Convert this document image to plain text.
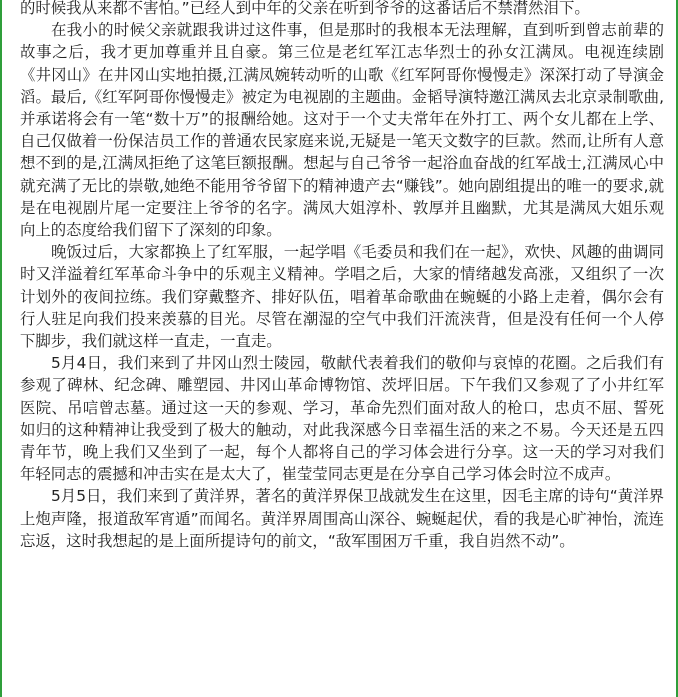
的时候我从来都不害怕。”已经人到中年的父亲在听到爷爷的这番话后不禁潸然泪下。

在我小的时候父亲就跟我讲过这件事，但是那时的我根本无法理解，直到听到曾志前辈的故事之后，我才更加尊重并且自豪。第三位是老红军江志华烈士的孙女江满凤。电视连续剧《井冈山》在井冈山实地拍摄,江满凤婉转动听的山歌《红军阿哥你慢慢走》深深打动了导演金滔。最后,《红军阿哥你慢慢走》被定为电视剧的主题曲。金韬导演特邀江满凤去北京录制歌曲,并承诺将会有一笔“数十万”的报酬给她。这对于一个丈夫常年在外打工、两个女儿都在上学、自己仅做着一份保洁员工作的普通农民家庭来说,无疑是一笔天文数字的巨款。然而,让所有人意想不到的是,江满凤拒绝了这笔巨额报酬。想起与自己爷爷一起浴血奋战的红军战士,江满凤心中就充满了无比的崇敬,她绝不能用爷爷留下的精神遗产去“赚钱”。她向剧组提出的唯一的要求,就是在电视剧片尾一定要注上爷爷的名字。满凤大姐淳朴、敦厚并且幽默，尤其是满凤大姐乐观向上的态度给我们留下了深刻的印象。

晚饭过后，大家都换上了红军服，一起学唱《毛委员和我们在一起》，欢快、风趣的曲调同时又洋溢着红军革命斗争中的乐观主义精神。学唱之后，大家的情绪越发高涨，又组织了一次计划外的夜间拉练。我们穿戴整齐、排好队伍，唱着革命歌曲在蜿蜒的小路上走着，偶尔会有行人驻足向我们投来羡慕的目光。尽管在潮湿的空气中我们汗流浃背，但是没有任何一个人停下脚步，我们就这样一直走，一直走。

5月4日，我们来到了井冈山烈士陵园，敬献代表着我们的敬仰与哀悼的花圈。之后我们有参观了碑林、纪念碑、雕塑园、井冈山革命博物馆、茨坪旧居。下午我们又参观了了小井红军医院、吊唁曾志墓。通过这一天的参观、学习，革命先烈们面对敌人的枪口，忠贞不屈、誓死如归的这种精神让我受到了极大的触动，对此我深感今日幸福生活的来之不易。今天还是五四青年节，晚上我们又坐到了一起，每个人都将自己的学习体会进行分享。这一天的学习对我们年轻同志的震撼和冲击实在是太大了，崔莹莹同志更是在分享自己学习体会时泣不成声。

5月5日，我们来到了黄洋界，著名的黄洋界保卫战就发生在这里，因毛主席的诗句“黄洋界上炮声隆，报道敌军宵遁”而闻名。黄洋界周围高山深谷、蜿蜒起伏，看的我是心旷神怡，流连忘返，这时我想起的是上面所提诗句的前文，“敌军围困万千重，我自岿然不动”。
